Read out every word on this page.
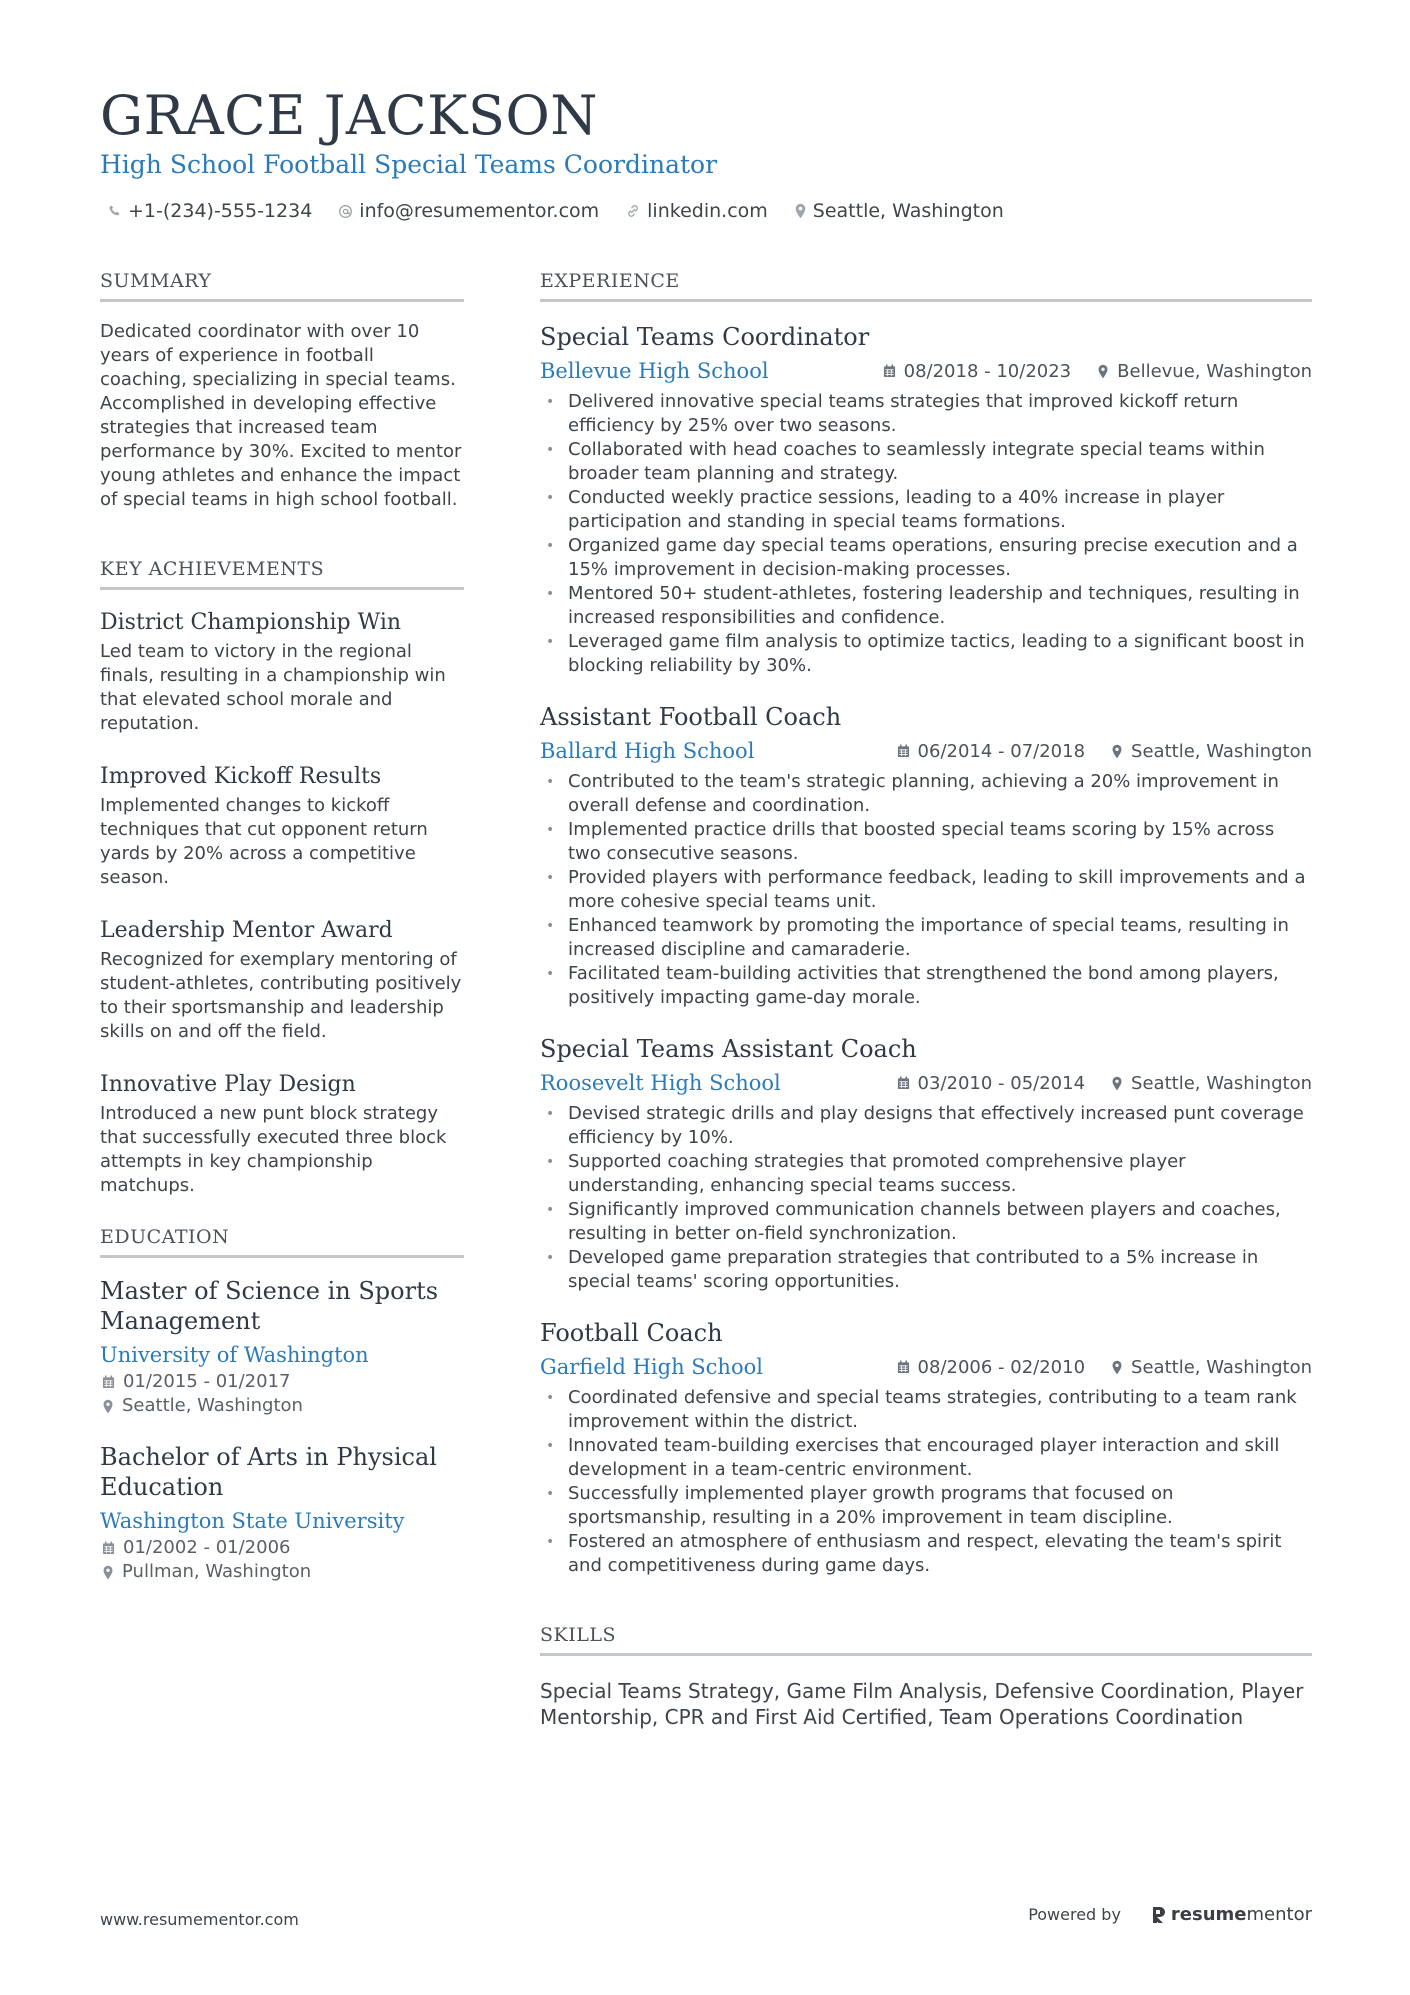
GRACE JACKSON
High School Football Special Teams Coordinator
+1-(234)-555-1234 info@resumementor.com	linkedin.com Seattle, Washington
SUMMARY
Dedicated coordinator with over 10 years of experience in football coaching, specializing in special teams. Accomplished in developing effective strategies that increased team performance by 30%. Excited to mentor young athletes and enhance the impact of special teams in high school football.
KEY ACHIEVEMENTS
District Championship Win
Led team to victory in the regional finals, resulting in a championship win that elevated school morale and reputation.
Improved Kickoff Results
Implemented changes to kickoff techniques that cut opponent return yards by 20% across a competitive season.
Leadership Mentor Award
Recognized for exemplary mentoring of student-athletes, contributing positively to their sportsmanship and leadership skills on and off the field.
Innovative Play Design
Introduced a new punt block strategy that successfully executed three block attempts in key championship matchups.
EDUCATION
Master of Science in Sports Management
University of Washington
01/2015 - 01/2017
Seattle, Washington
Bachelor of Arts in Physical Education
Washington State University
01/2002 - 01/2006
Pullman, Washington
EXPERIENCE
Special Teams Coordinator
Bellevue High School	08/2018 - 10/2023	Bellevue, Washington
• Delivered innovative special teams strategies that improved kickoff return efficiency by 25% over two seasons.
• Collaborated with head coaches to seamlessly integrate special teams within broader team planning and strategy.
• Conducted weekly practice sessions, leading to a 40% increase in player participation and standing in special teams formations.
• Organized game day special teams operations, ensuring precise execution and a 15% improvement in decision-making processes.
• Mentored 50+ student-athletes, fostering leadership and techniques, resulting in increased responsibilities and confidence.
• Leveraged game film analysis to optimize tactics, leading to a significant boost in blocking reliability by 30%.
Assistant Football Coach
Ballard High School	06/2014 - 07/2018	Seattle, Washington
• Contributed to the team's strategic planning, achieving a 20% improvement in overall defense and coordination.
• Implemented practice drills that boosted special teams scoring by 15% across two consecutive seasons.
• Provided players with performance feedback, leading to skill improvements and a more cohesive special teams unit.
• Enhanced teamwork by promoting the importance of special teams, resulting in increased discipline and camaraderie.
• Facilitated team-building activities that strengthened the bond among players, positively impacting game-day morale.
Special Teams Assistant Coach
Roosevelt High School	03/2010 - 05/2014	Seattle, Washington
• Devised strategic drills and play designs that effectively increased punt coverage efficiency by 10%.
• Supported coaching strategies that promoted comprehensive player understanding, enhancing special teams success.
• Significantly improved communication channels between players and coaches, resulting in better on-field synchronization.
• Developed game preparation strategies that contributed to a 5% increase in special teams' scoring opportunities.
Football Coach
Garfield High School	08/2006 - 02/2010	Seattle, Washington
• Coordinated defensive and special teams strategies, contributing to a team rank improvement within the district.
• Innovated team-building exercises that encouraged player interaction and skill development in a team-centric environment.
• Successfully implemented player growth programs that focused on sportsmanship, resulting in a 20% improvement in team discipline.
• Fostered an atmosphere of enthusiasm and respect, elevating the team's spirit and competitiveness during game days.
SKILLS
Special Teams Strategy, Game Film Analysis, Defensive Coordination, Player Mentorship, CPR and First Aid Certified, Team Operations Coordination
www.resumementor.com	Powered by	resume mentor
